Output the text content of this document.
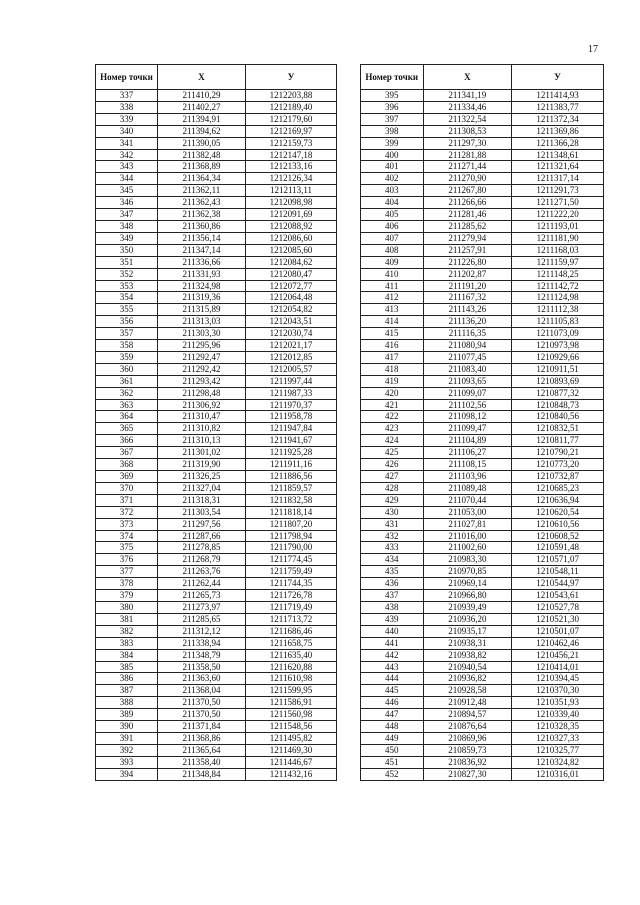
17
Номер точки	X	У
337	211410,29	1212203,88
338	211402,27	1212189,40
339	211394,91	1212179,60
340	211394,62	1212169,97
341	211390,05	1212159,73
342	211382,48	1212147,18
343	211368,89	1212133,16
344	211364,34	1212126,34
345	211362,11	1212113,11
346	211362,43	1212098,98
347	211362,38	1212091,69
348	211360,86	1212088,92
349	211356,14	1212086,60
350	211347,14	1212085,60
351	211336,66	1212084,62
352	211331,93	1212080,47
353	211324,98	1212072,77
354	211319,36	1212064,48
355	211315,89	1212054,82
356	211313,03	1212043,51
357	211303,30	1212030,74
358	211295,96	1212021,17
359	211292,47	1212012,85
360	211292,42	1212005,57
361	211293,42	1211997,44
362	211298,48	1211987,33
363	211306,92	1211970,37
364	211310,47	1211958,78
365	211310,82	1211947,84
366	211310,13	1211941,67
367	211301,02	1211925,28
368	211319,90	1211911,16
369	211326,25	1211886,56
370	211327,04	1211859,57
371	211318,31	1211832,58
372	211303,54	1211818,14
373	211297,56	1211807,20
374	211287,66	1211798,94
375	211278,85	1211790,00
376	211268,79	1211774,45
377	211263,76	1211759,49
378	211262,44	1211744,35
379	211265,73	1211726,78
380	211273,97	1211719,49
381	211285,65	1211713,72
382	211312,12	1211686,46
383	211338,94	1211658,75
384	211348,79	1211635,40
385	211358,50	1211620,88
386	211363,60	1211610,98
387	211368,04	1211599,95
388	211370,50	1211586,91
389	211370,50	1211560,98
390	211371,84	1211548,56
391	211368,86	1211495,82
392	211365,64	1211469,30
393	211358,40	1211446,67
394	211348,84	1211432,16
Номер точки	X	У
395	211341,19	1211414,93
396	211334,46	1211383,77
397	211322,54	1211372,34
398	211308,53	1211369,86
399	211297,30	1211366,28
400	211281,88	1211348,61
401	211271,44	1211321,64
402	211270,90	1211317,14
403	211267,80	1211291,73
404	211266,66	1211271,50
405	211281,46	1211222,20
406	211285,62	1211193,01
407	211279,94	1211181,90
408	211257,91	1211168,03
409	211226,80	1211159,97
410	211202,87	1211148,25
411	211191,20	1211142,72
412	211167,32	1211124,98
413	211143,26	1211112,38
414	211136,20	1211105,83
415	211116,35	1211073,09
416	211080,94	1210973,98
417	211077,45	1210929,66
418	211083,40	1210911,51
419	211093,65	1210893,69
420	211099,07	1210877,32
421	211102,56	1210848,73
422	211098,12	1210840,56
423	211099,47	1210832,51
424	211104,89	1210811,77
425	211106,27	1210790,21
426	211108,15	1210773,20
427	211103,96	1210732,87
428	211089,48	1210685,23
429	211070,44	1210636,94
430	211053,00	1210620,54
431	211027,81	1210610,56
432	211016,00	1210608,52
433	211002,60	1210591,48
434	210983,30	1210571,07
435	210970,85	1210548,11
436	210969,14	1210544,97
437	210966,80	1210543,61
438	210939,49	1210527,78
439	210936,20	1210521,30
440	210935,17	1210501,07
441	210938,31	1210462,46
442	210938,82	1210456,21
443	210940,54	1210414,01
444	210936,82	1210394,45
445	210928,58	1210370,30
446	210912,48	1210351,93
447	210894,57	1210339,40
448	210876,64	1210328,35
449	210869,96	1210327,33
450	210859,73	1210325,77
451	210836,92	1210324,82
452	210827,30	1210316,01
